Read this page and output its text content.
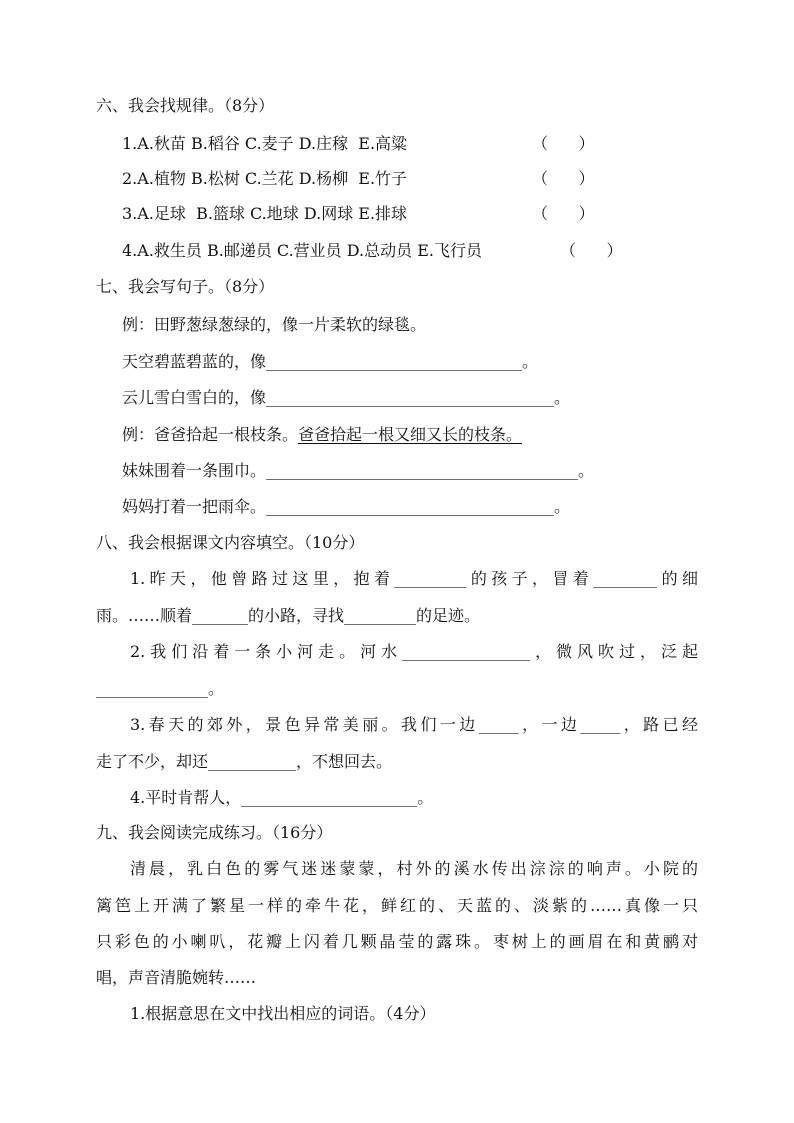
六、我会找规律。（8分）
1.A.秋苗 B.稻谷 C.麦子 D.庄稼  E.高粱	（      ）
2.A.植物 B.松树 C.兰花 D.杨柳  E.竹子	（      ）
3.A.足球  B.篮球 C.地球 D.网球 E.排球	（      ）
4.A.救生员 B.邮递员 C.营业员 D.总动员 E.飞行员	（      ）
七、我会写句子。（8分）
例：田野葱绿葱绿的，像一片柔软的绿毯。
天空碧蓝碧蓝的，像________________________________。
云儿雪白雪白的，像____________________________________。
例：爸爸拾起一根枝条。爸爸拾起一根又细又长的枝条。
妹妹围着一条围巾。_______________________________________。
妈妈打着一把雨伞。____________________________________。
八、我会根据课文内容填空。（10分）
1.昨天，他曾路过这里，抱着_________的孩子，冒着________的细
雨。……顺着_______的小路，寻找_________的足迹。
2.我们沿着一条小河走。河水________________，微风吹过，泛起
______________。
3.春天的郊外，景色异常美丽。我们一边_____，一边_____，路已经
走了不少，却还___________，不想回去。
4.平时肯帮人，______________________。
九、我会阅读完成练习。（16分）
清晨，乳白色的雾气迷迷蒙蒙，村外的溪水传出淙淙的响声。小院的
篱笆上开满了繁星一样的牵牛花，鲜红的、天蓝的、淡紫的……真像一只
只彩色的小喇叭，花瓣上闪着几颗晶莹的露珠。枣树上的画眉在和黄鹂对
唱，声音清脆婉转……
1.根据意思在文中找出相应的词语。（4分）
